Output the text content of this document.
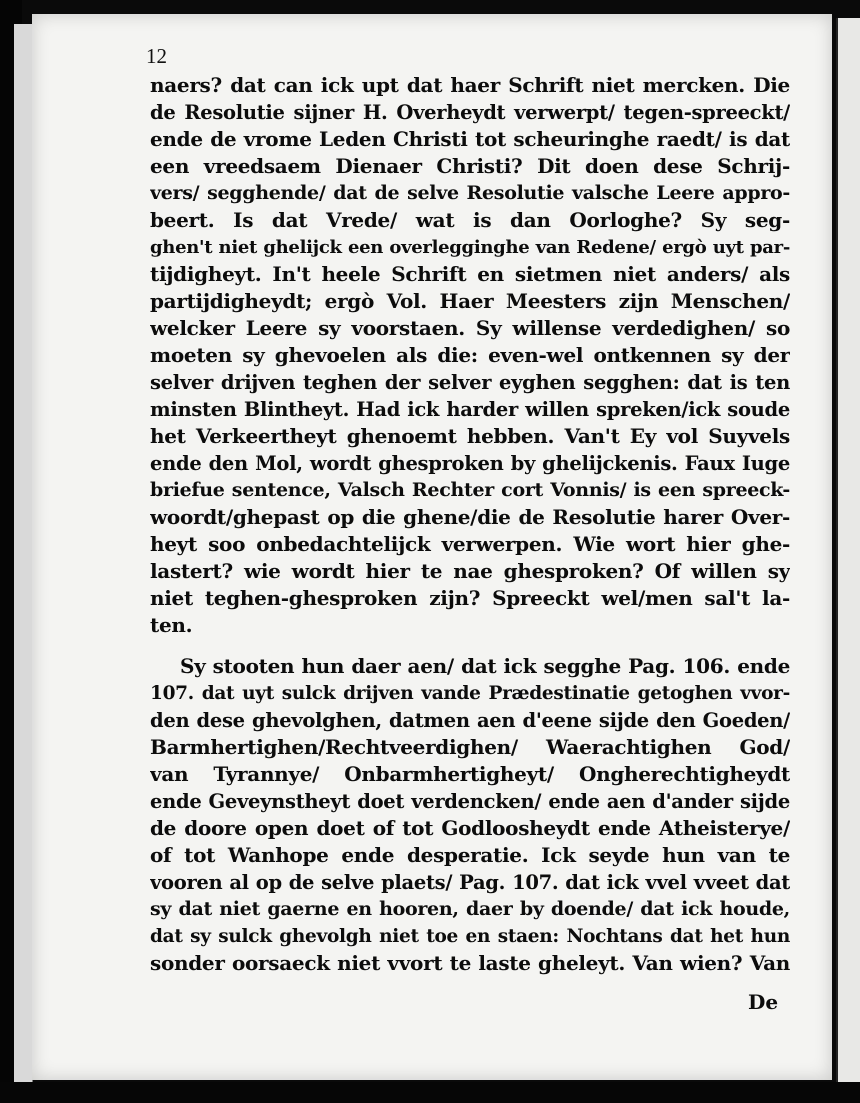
12
naers? dat can ick upt dat haer Schrift niet mercken. Die
de Resolutie sijner H. Overheydt verwerpt/ tegen-spreeckt/
ende de vrome Leden Christi tot scheuringhe raedt/ is dat
een vreedsaem Dienaer Christi? Dit doen dese Schrij-
vers/ segghende/ dat de selve Resolutie valsche Leere appro-
beert. Is dat Vrede/ wat is dan Oorloghe? Sy seg-
ghen't niet ghelijck een overlegginghe van Redene/ ergò uyt par-
tijdigheyt. In't heele Schrift en sietmen niet anders/ als
partijdigheydt; ergò Vol. Haer Meesters zijn Menschen/
welcker Leere sy voorstaen. Sy willense verdedighen/ so
moeten sy ghevoelen als die: even-wel ontkennen sy der
selver drijven teghen der selver eyghen segghen: dat is ten
minsten Blintheyt. Had ick harder willen spreken/ick soude
het Verkeertheyt ghenoemt hebben. Van't Ey vol Suyvels
ende den Mol, wordt ghesproken by ghelijckenis. Faux Iuge
briefue sentence, Valsch Rechter cort Vonnis/ is een spreeck-
woordt/ghepast op die ghene/die de Resolutie harer Over-
heyt soo onbedachtelijck verwerpen. Wie wort hier ghe-
lastert? wie wordt hier te nae ghesproken? Of willen sy
niet teghen-ghesproken zijn? Spreeckt wel/men sal't la-
ten.
Sy stooten hun daer aen/ dat ick segghe Pag. 106. ende
107. dat uyt sulck drijven vande Prædestinatie getoghen vvor-
den dese ghevolghen, datmen aen d'eene sijde den Goeden/
Barmhertighen/Rechtveerdighen/ Waerachtighen God/
van Tyrannye/ Onbarmhertigheyt/ Ongherechtigheydt
ende Geveynstheyt doet verdencken/ ende aen d'ander sijde
de doore open doet of tot Godloosheydt ende Atheisterye/
of tot Wanhope ende desperatie. Ick seyde hun van te
vooren al op de selve plaets/ Pag. 107. dat ick vvel vveet dat
sy dat niet gaerne en hooren, daer by doende/ dat ick houde,
dat sy sulck ghevolgh niet toe en staen: Nochtans dat het hun
sonder oorsaeck niet vvort te laste gheleyt. Van wien? Van
De
